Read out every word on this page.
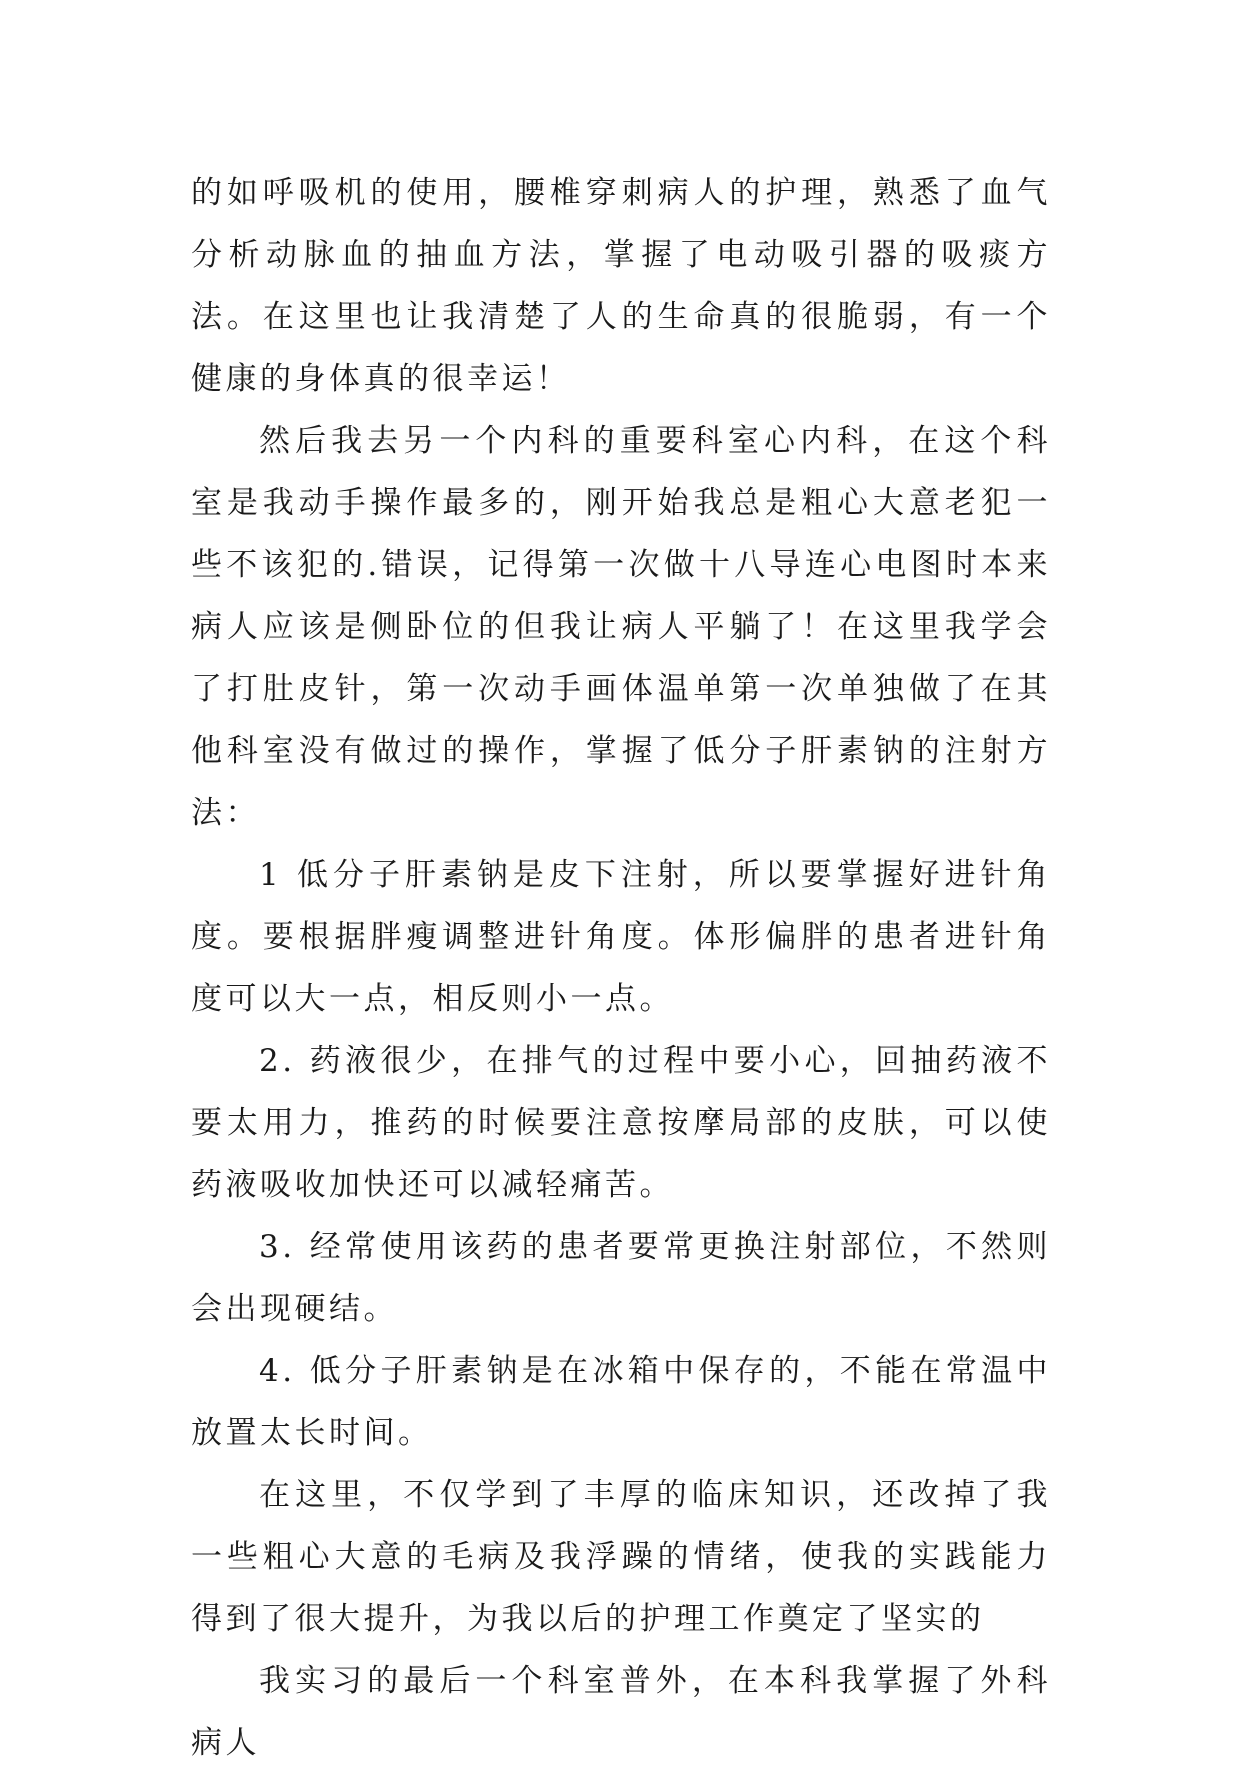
的如呼吸机的使用，腰椎穿刺病人的护理，熟悉了血气分析动脉血的抽血方法，掌握了电动吸引器的吸痰方法。在这里也让我清楚了人的生命真的很脆弱，有一个健康的身体真的很幸运！

然后我去另一个内科的重要科室心内科，在这个科室是我动手操作最多的，刚开始我总是粗心大意老犯一些不该犯的.错误，记得第一次做十八导连心电图时本来病人应该是侧卧位的但我让病人平躺了！在这里我学会了打肚皮针，第一次动手画体温单第一次单独做了在其他科室没有做过的操作，掌握了低分子肝素钠的注射方法：

1 低分子肝素钠是皮下注射，所以要掌握好进针角度。要根据胖瘦调整进针角度。体形偏胖的患者进针角度可以大一点，相反则小一点。

2. 药液很少，在排气的过程中要小心，回抽药液不要太用力，推药的时候要注意按摩局部的皮肤，可以使药液吸收加快还可以减轻痛苦。

3. 经常使用该药的患者要常更换注射部位，不然则会出现硬结。

4. 低分子肝素钠是在冰箱中保存的，不能在常温中放置太长时间。

在这里，不仅学到了丰厚的临床知识，还改掉了我一些粗心大意的毛病及我浮躁的情绪，使我的实践能力得到了很大提升，为我以后的护理工作奠定了坚实的

我实习的最后一个科室普外，在本科我掌握了外科病人
